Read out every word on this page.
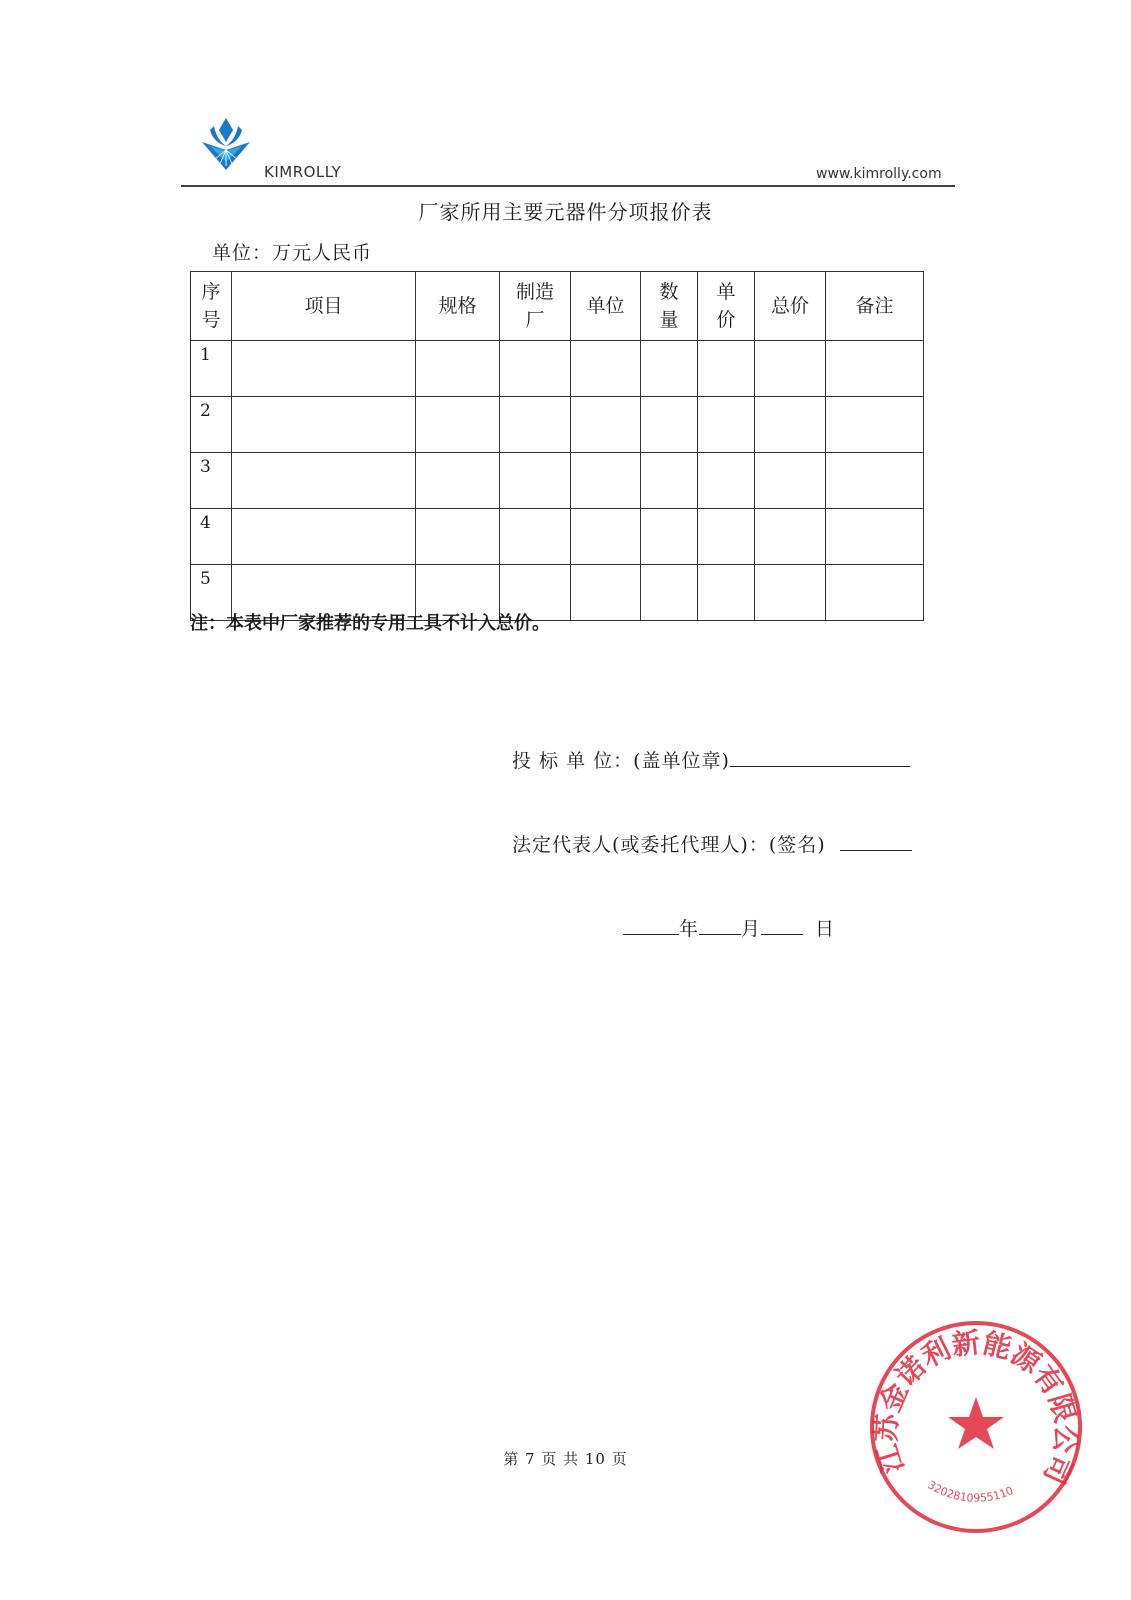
KIMROLLY	www.kimrolly.com
厂家所用主要元器件分项报价表
单位：万元人民币
序号	项目	规格	制造厂	单位	数量	单价	总价	备注
1								
2								
3								
4								
5								
注：本表中厂家推荐的专用工具不计入总价。
投 标 单 位：(盖单位章)
法定代表人(或委托代理人)：(签名)
年 月	日
第 7 页 共 10 页	江苏金诺利新能源有限公司
3202810955110
